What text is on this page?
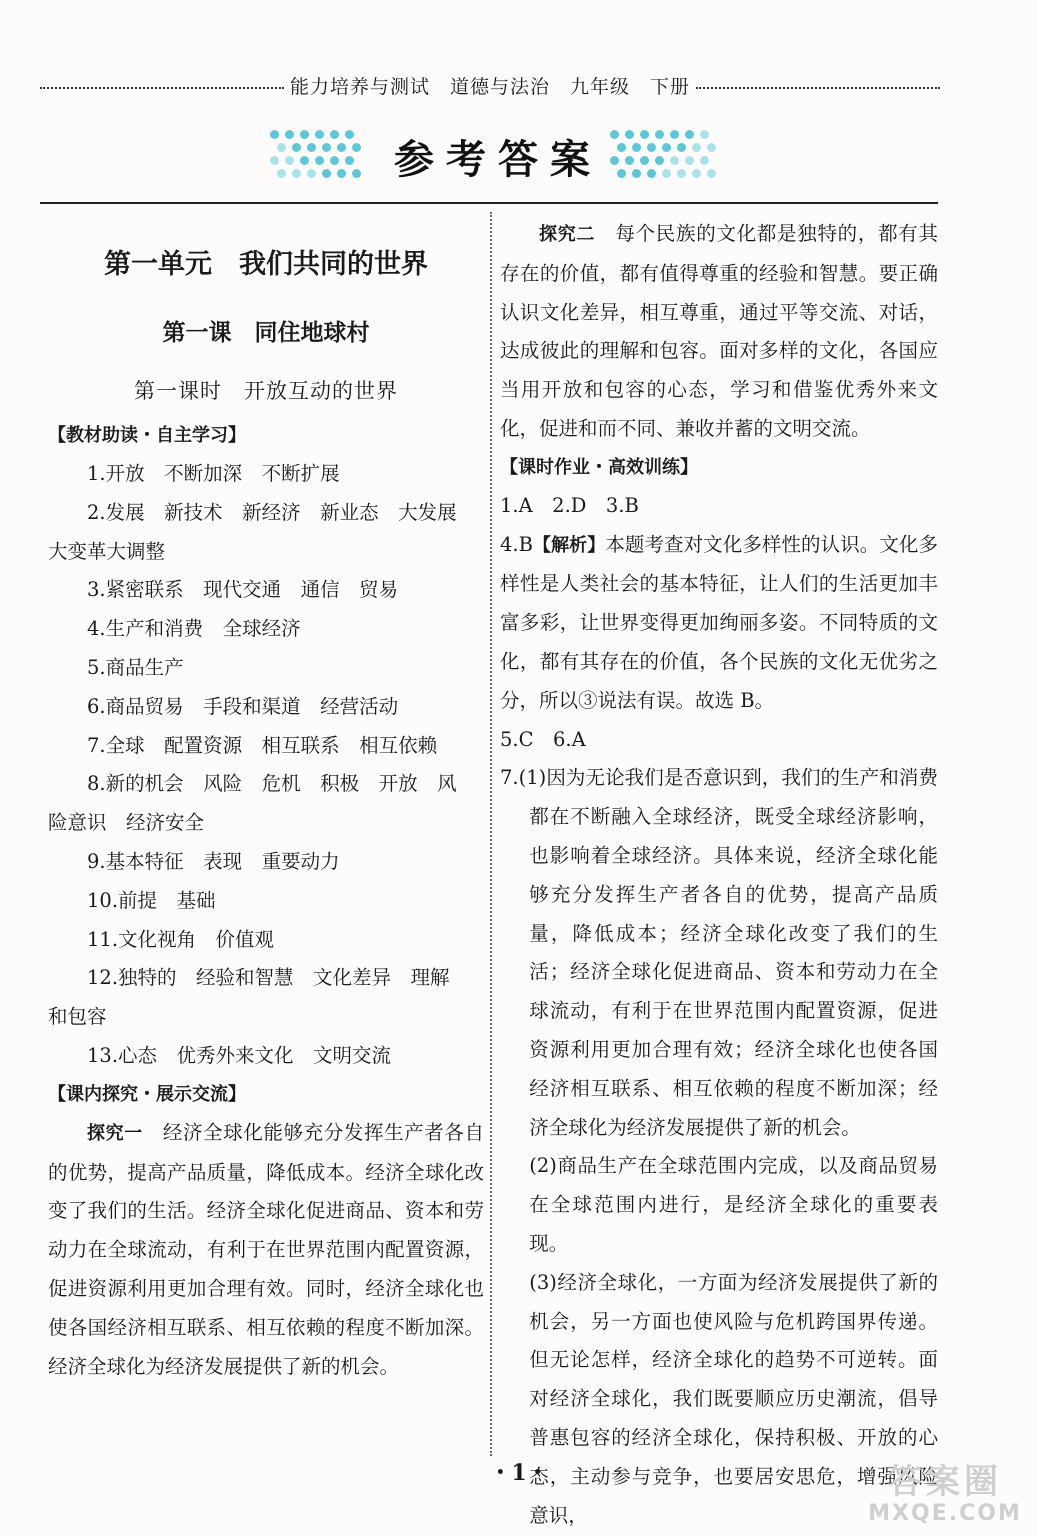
能力培养与测试　道德与法治　九年级　下册
参考答案
第一单元　我们共同的世界
第一课　同住地球村
第一课时　开放互动的世界
【教材助读・自主学习】
1.开放　不断加深　不断扩展
2.发展　新技术　新经济　新业态　大发展
大变革大调整
3.紧密联系　现代交通　通信　贸易
4.生产和消费　全球经济
5.商品生产
6.商品贸易　手段和渠道　经营活动
7.全球　配置资源　相互联系　相互依赖
8.新的机会　风险　危机　积极　开放　风
险意识　经济安全
9.基本特征　表现　重要动力
10.前提　基础
11.文化视角　价值观
12.独特的　经验和智慧　文化差异　理解
和包容
13.心态　优秀外来文化　文明交流
【课内探究・展示交流】
探究一　经济全球化能够充分发挥生产者各自的优势，提高产品质量，降低成本。经济全球化改变了我们的生活。经济全球化促进商品、资本和劳动力在全球流动，有利于在世界范围内配置资源，促进资源利用更加合理有效。同时，经济全球化也使各国经济相互联系、相互依赖的程度不断加深。经济全球化为经济发展提供了新的机会。
探究二　每个民族的文化都是独特的，都有其存在的价值，都有值得尊重的经验和智慧。要正确认识文化差异，相互尊重，通过平等交流、对话，达成彼此的理解和包容。面对多样的文化，各国应当用开放和包容的心态，学习和借鉴优秀外来文化，促进和而不同、兼收并蓄的文明交流。
【课时作业・高效训练】
1.A　2.D　3.B
4.B【解析】本题考查对文化多样性的认识。文化多样性是人类社会的基本特征，让人们的生活更加丰富多彩，让世界变得更加绚丽多姿。不同特质的文化，都有其存在的价值，各个民族的文化无优劣之分，所以③说法有误。故选 B。
5.C　6.A
7.(1)因为无论我们是否意识到，我们的生产和消费都在不断融入全球经济，既受全球经济影响，也影响着全球经济。具体来说，经济全球化能够充分发挥生产者各自的优势，提高产品质量，降低成本；经济全球化改变了我们的生活；经济全球化促进商品、资本和劳动力在全球流动，有利于在世界范围内配置资源，促进资源利用更加合理有效；经济全球化也使各国经济相互联系、相互依赖的程度不断加深；经济全球化为经济发展提供了新的机会。
(2)商品生产在全球范围内完成，以及商品贸易在全球范围内进行，是经济全球化的重要表现。
(3)经济全球化，一方面为经济发展提供了新的机会，另一方面也使风险与危机跨国界传递。但无论怎样，经济全球化的趋势不可逆转。面对经济全球化，我们既要顺应历史潮流，倡导普惠包容的经济全球化，保持积极、开放的心态，主动参与竞争，也要居安思危，增强风险意识，
・1・	答案圈
MXQE.COM
